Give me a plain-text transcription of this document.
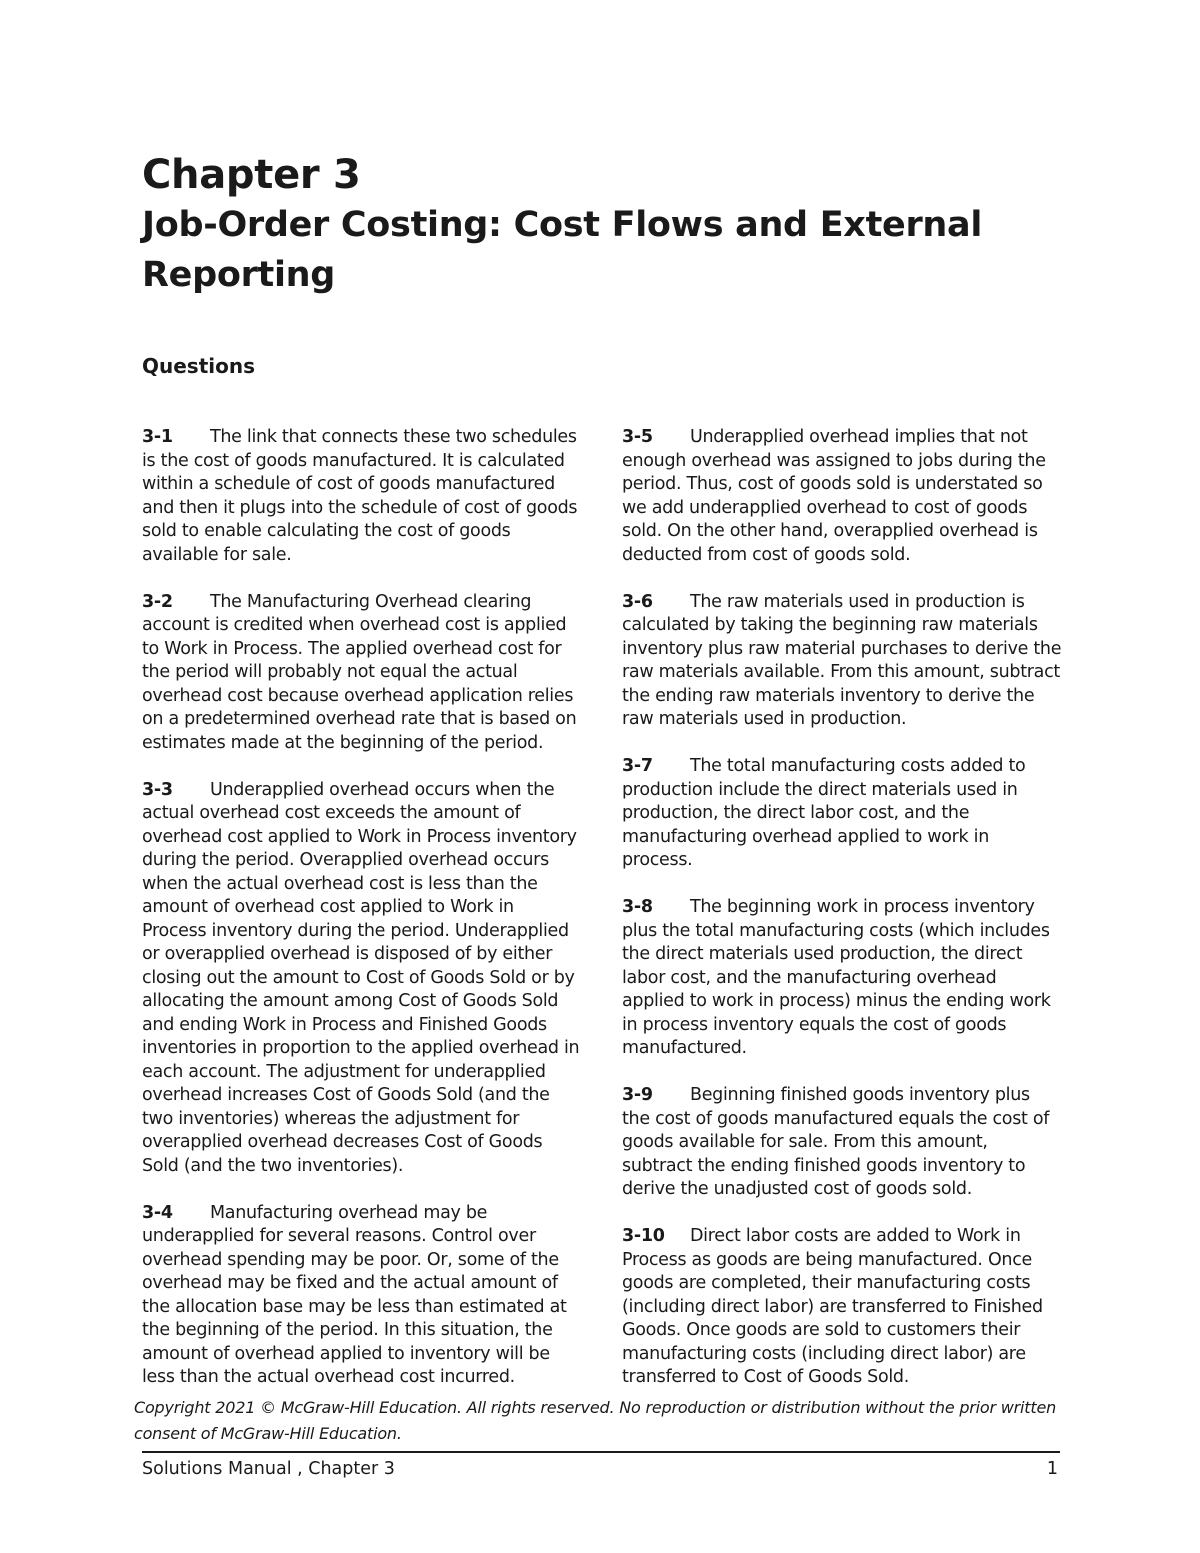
Chapter 3
Job-Order Costing: Cost Flows and External Reporting
Questions

3-1 The link that connects these two schedules is the cost of goods manufactured. It is calculated within a schedule of cost of goods manufactured and then it plugs into the schedule of cost of goods sold to enable calculating the cost of goods available for sale.

3-2 The Manufacturing Overhead clearing account is credited when overhead cost is applied to Work in Process. The applied overhead cost for the period will probably not equal the actual overhead cost because overhead application relies on a predetermined overhead rate that is based on estimates made at the beginning of the period.

3-3 Underapplied overhead occurs when the actual overhead cost exceeds the amount of overhead cost applied to Work in Process inventory during the period. Overapplied overhead occurs when the actual overhead cost is less than the amount of overhead cost applied to Work in Process inventory during the period. Underapplied or overapplied overhead is disposed of by either closing out the amount to Cost of Goods Sold or by allocating the amount among Cost of Goods Sold and ending Work in Process and Finished Goods inventories in proportion to the applied overhead in each account. The adjustment for underapplied overhead increases Cost of Goods Sold (and the two inventories) whereas the adjustment for overapplied overhead decreases Cost of Goods Sold (and the two inventories).

3-4 Manufacturing overhead may be underapplied for several reasons. Control over overhead spending may be poor. Or, some of the overhead may be fixed and the actual amount of the allocation base may be less than estimated at the beginning of the period. In this situation, the amount of overhead applied to inventory will be less than the actual overhead cost incurred.

3-5 Underapplied overhead implies that not enough overhead was assigned to jobs during the period. Thus, cost of goods sold is understated so we add underapplied overhead to cost of goods sold. On the other hand, overapplied overhead is deducted from cost of goods sold.

3-6 The raw materials used in production is calculated by taking the beginning raw materials inventory plus raw material purchases to derive the raw materials available. From this amount, subtract the ending raw materials inventory to derive the raw materials used in production.

3-7 The total manufacturing costs added to production include the direct materials used in production, the direct labor cost, and the manufacturing overhead applied to work in process.

3-8 The beginning work in process inventory plus the total manufacturing costs (which includes the direct materials used production, the direct labor cost, and the manufacturing overhead applied to work in process) minus the ending work in process inventory equals the cost of goods manufactured.

3-9 Beginning finished goods inventory plus the cost of goods manufactured equals the cost of goods available for sale. From this amount, subtract the ending finished goods inventory to derive the unadjusted cost of goods sold.

3-10 Direct labor costs are added to Work in Process as goods are being manufactured. Once goods are completed, their manufacturing costs (including direct labor) are transferred to Finished Goods. Once goods are sold to customers their manufacturing costs (including direct labor) are transferred to Cost of Goods Sold.

Copyright 2021 © McGraw-Hill Education. All rights reserved. No reproduction or distribution without the prior written consent of McGraw-Hill Education.
Solutions Manual , Chapter 3	1
